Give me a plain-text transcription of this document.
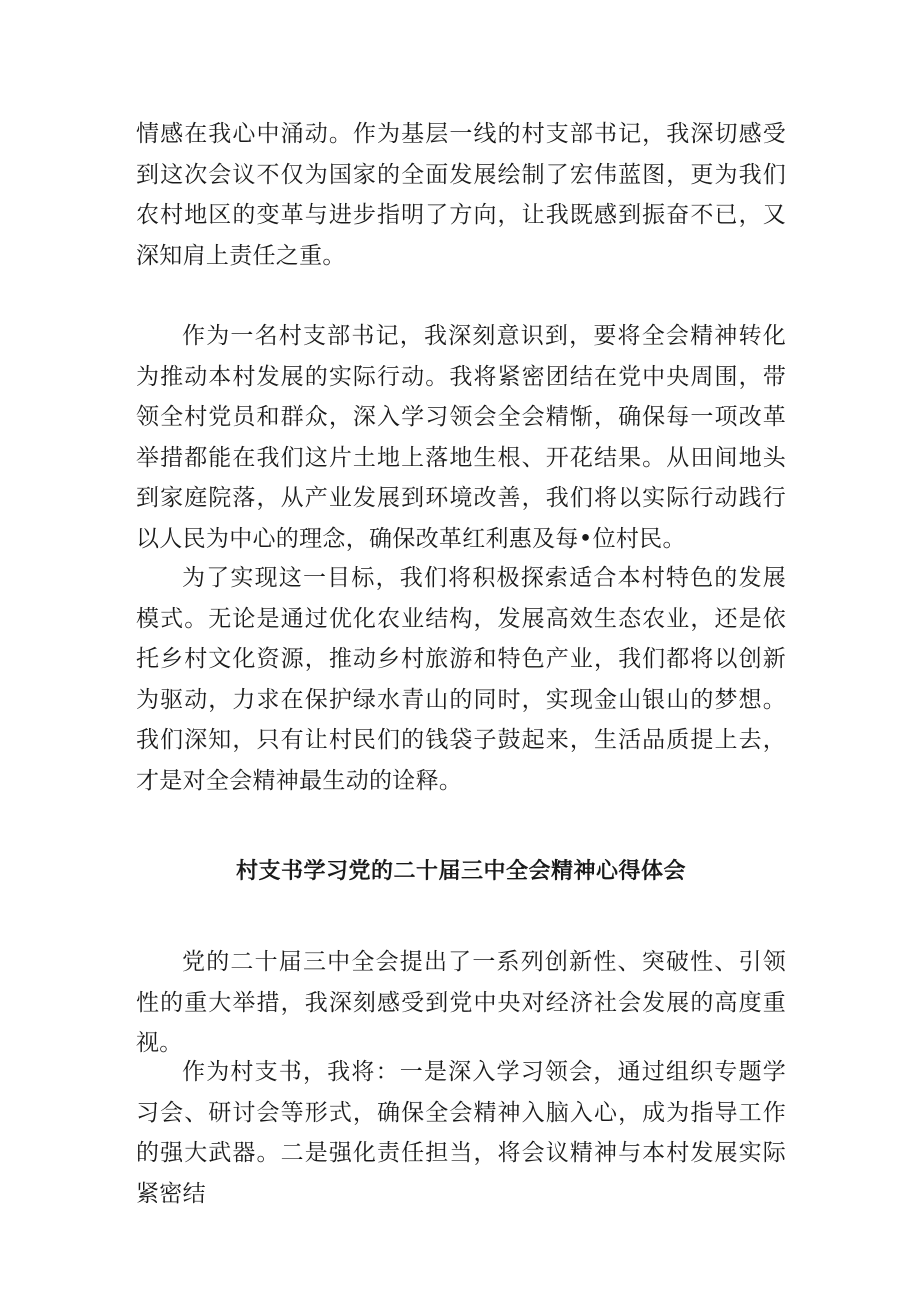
情感在我心中涌动。作为基层一线的村支部书记，我深切感受到这次会议不仅为国家的全面发展绘制了宏伟蓝图，更为我们农村地区的变革与进步指明了方向，让我既感到振奋不已，又深知肩上责任之重。

作为一名村支部书记，我深刻意识到，要将全会精神转化为推动本村发展的实际行动。我将紧密团结在党中央周围，带领全村党员和群众，深入学习领会全会精惭，确保每一项改革举措都能在我们这片土地上落地生根、开花结果。从田间地头到家庭院落，从产业发展到环境改善，我们将以实际行动践行以人民为中心的理念，确保改革红利惠及每•位村民。

为了实现这一目标，我们将积极探索适合本村特色的发展模式。无论是通过优化农业结构，发展高效生态农业，还是依托乡村文化资源，推动乡村旅游和特色产业，我们都将以创新为驱动，力求在保护绿水青山的同时，实现金山银山的梦想。我们深知，只有让村民们的钱袋子鼓起来，生活品质提上去，才是对全会精神最生动的诠释。

村支书学习党的二十届三中全会精神心得体会

党的二十届三中全会提出了一系列创新性、突破性、引领性的重大举措，我深刻感受到党中央对经济社会发展的高度重视。

作为村支书，我将：一是深入学习领会，通过组织专题学习会、研讨会等形式，确保全会精神入脑入心，成为指导工作的强大武器。二是强化责任担当，将会议精神与本村发展实际紧密结
